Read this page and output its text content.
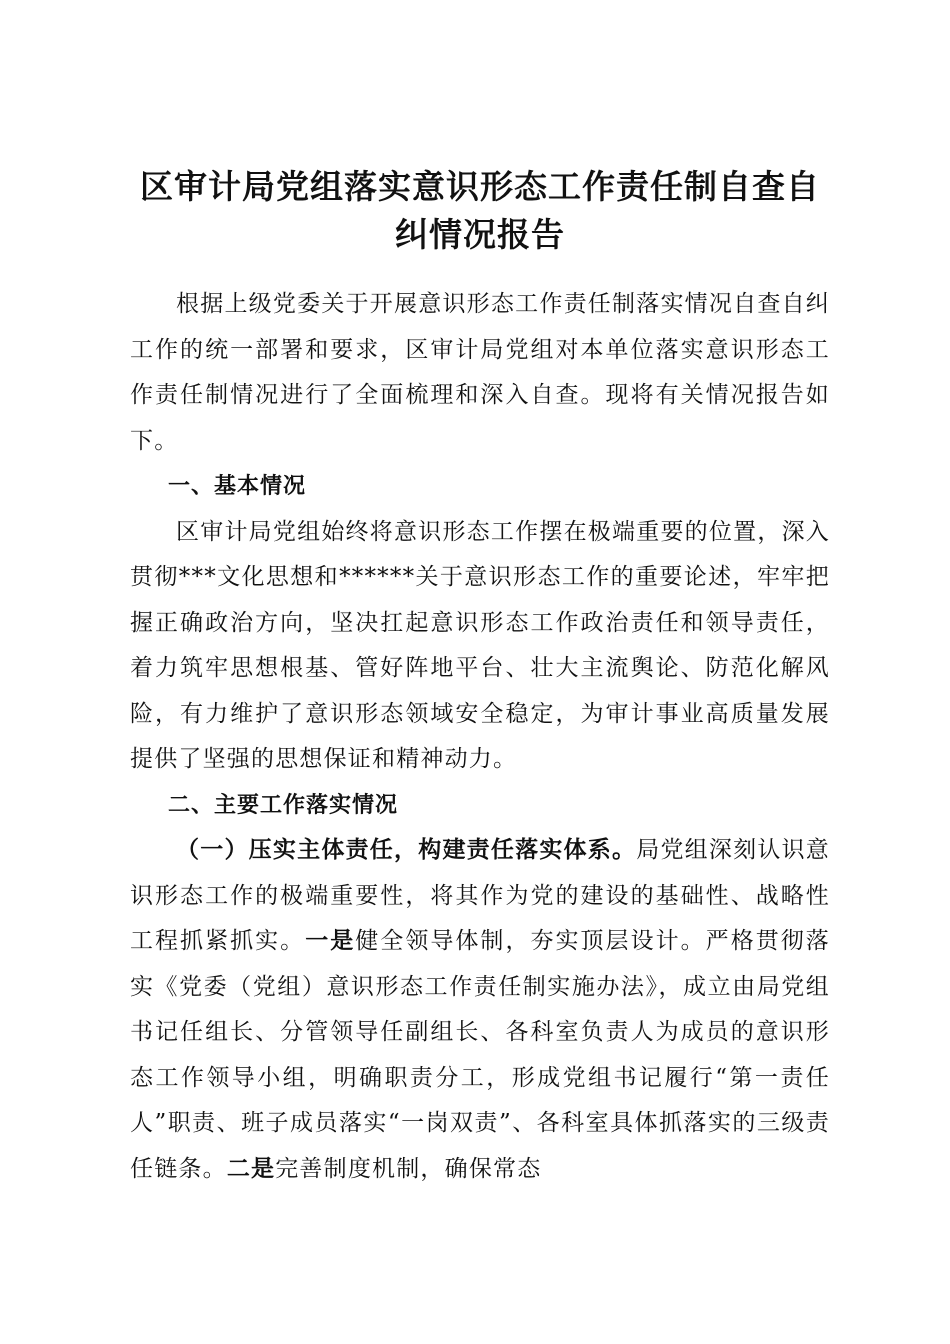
区审计局党组落实意识形态工作责任制自查自纠情况报告

根据上级党委关于开展意识形态工作责任制落实情况自查自纠工作的统一部署和要求，区审计局党组对本单位落实意识形态工作责任制情况进行了全面梳理和深入自查。现将有关情况报告如下。

一、基本情况

区审计局党组始终将意识形态工作摆在极端重要的位置，深入贯彻***文化思想和******关于意识形态工作的重要论述，牢牢把握正确政治方向，坚决扛起意识形态工作政治责任和领导责任，着力筑牢思想根基、管好阵地平台、壮大主流舆论、防范化解风险，有力维护了意识形态领域安全稳定，为审计事业高质量发展提供了坚强的思想保证和精神动力。

二、主要工作落实情况

（一）压实主体责任，构建责任落实体系。局党组深刻认识意识形态工作的极端重要性，将其作为党的建设的基础性、战略性工程抓紧抓实。一是健全领导体制，夯实顶层设计。严格贯彻落实《党委（党组）意识形态工作责任制实施办法》，成立由局党组书记任组长、分管领导任副组长、各科室负责人为成员的意识形态工作领导小组，明确职责分工，形成党组书记履行“第一责任人”职责、班子成员落实“一岗双责”、各科室具体抓落实的三级责任链条。二是完善制度机制，确保常态
